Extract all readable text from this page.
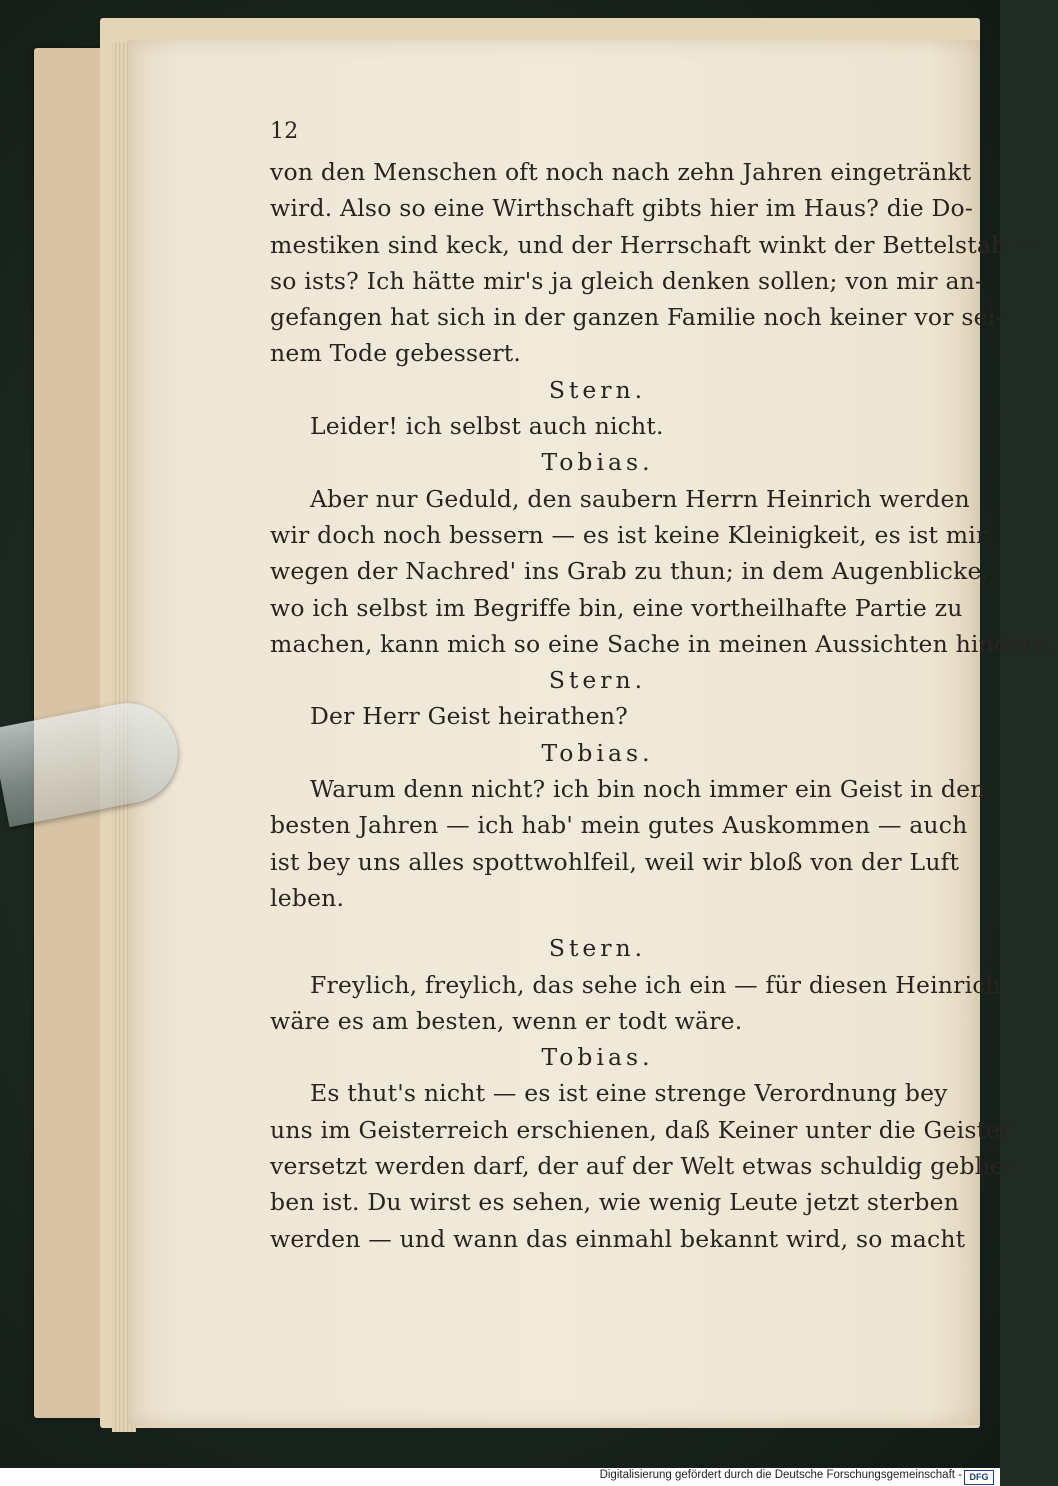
12
von den Menschen oft noch nach zehn Jahren eingetränkt
wird. Also so eine Wirthschaft gibts hier im Haus? die Do-
mestiken sind keck, und der Herrschaft winkt der Bettelstab —
so ists? Ich hätte mir's ja gleich denken sollen; von mir an-
gefangen hat sich in der ganzen Familie noch keiner vor sei-
nem Tode gebessert.
Stern.
Leider! ich selbst auch nicht.
Tobias.
Aber nur Geduld, den saubern Herrn Heinrich werden
wir doch noch bessern — es ist keine Kleinigkeit, es ist mir
wegen der Nachred' ins Grab zu thun; in dem Augenblicke,
wo ich selbst im Begriffe bin, eine vortheilhafte Partie zu
machen, kann mich so eine Sache in meinen Aussichten hindern.
Stern.
Der Herr Geist heirathen?
Tobias.
Warum denn nicht? ich bin noch immer ein Geist in den
besten Jahren — ich hab' mein gutes Auskommen — auch
ist bey uns alles spottwohlfeil, weil wir bloß von der Luft
leben.
Stern.
Freylich, freylich, das sehe ich ein — für diesen Heinrich
wäre es am besten, wenn er todt wäre.
Tobias.
Es thut's nicht — es ist eine strenge Verordnung bey
uns im Geisterreich erschienen, daß Keiner unter die Geister
versetzt werden darf, der auf der Welt etwas schuldig geblie-
ben ist. Du wirst es sehen, wie wenig Leute jetzt sterben
werden — und wann das einmahl bekannt wird, so macht
Digitalisierung gefördert durch die Deutsche Forschungsgemeinschaft - DFG
